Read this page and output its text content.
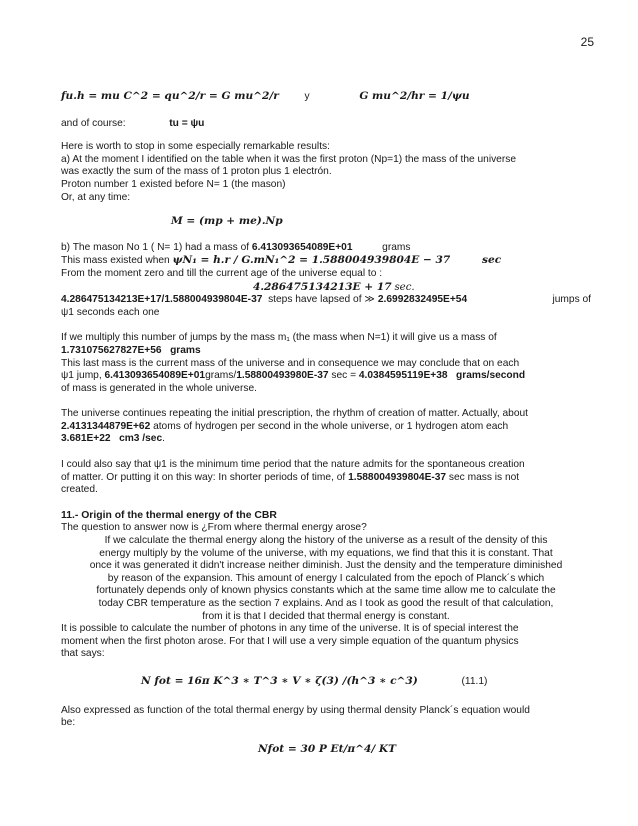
25

fu.h = mu C^2 = qu^2/r = G mu^2/r	y	G mu^2/hr = 1/ψu

and of course:	tu = ψu

Here is worth to stop in some especially remarkable results:

a) At the moment I identified on the table when it was the first proton (Np=1) the mass of the universe

was exactly the sum of the mass of 1 proton plus 1 electrón.

Proton number 1 existed before N= 1 (the mason)

Or, at any time:

M = (mp + me).Np

b) The mason No 1 ( N= 1) had a mass of 6.413093654089E+01	grams

This mass existed when ψN₁ = h.r / G.mN₁^2 = 1.588004939804E − 37	sec

From the moment zero and till the current age of the universe equal to :

4.286475134213E + 17 sec.

4.286475134213E+17/1.588004939804E-37 steps have lapsed of ≫ 2.6992832495E+54	jumps of

ψ1 seconds each one

If we multiply this number of jumps by the mass m₁ (the mass when N=1) it will give us a mass of

1.731075627827E+56 grams

This last mass is the current mass of the universe and in consequence we may conclude that on each

ψ1 jump, 6.413093654089E+01grams/1.58800493980E-37 sec = 4.0384595119E+38 grams/second

of mass is generated in the whole universe.

The universe continues repeating the initial prescription, the rhythm of creation of matter. Actually, about

2.4131344879E+62 atoms of hydrogen per second in the whole universe, or 1 hydrogen atom each

3.681E+22 cm3 /sec.

I could also say that ψ1 is the minimum time period that the nature admits for the spontaneous creation

of matter. Or putting it on this way: In shorter periods of time, of 1.588004939804E-37 sec mass is not

created.

11.- Origin of the thermal energy of the CBR

The question to answer now is ¿From where thermal energy arose?

If we calculate the thermal energy along the history of the universe as a result of the density of this

energy multiply by the volume of the universe, with my equations, we find that this it is constant. That

once it was generated it didn't increase neither diminish. Just the density and the temperature diminished

by reason of the expansion. This amount of energy I calculated from the epoch of Planck´s which

fortunately depends only of known physics constants which at the same time allow me to calculate the

today CBR temperature as the section 7 explains. And as I took as good the result of that calculation,

from it is that I decided that thermal energy is constant.

It is possible to calculate the number of photons in any time of the universe. It is of special interest the

moment when the first photon arose. For that I will use a very simple equation of the quantum physics

that says:

N fot = 16π K^3 ∗ T^3 ∗ V ∗ ζ(3) /(h^3 ∗ c^3)	(11.1)

Also expressed as function of the total thermal energy by using thermal density Planck´s equation would

be:

Nfot = 30 P Et/π^4/ KT
